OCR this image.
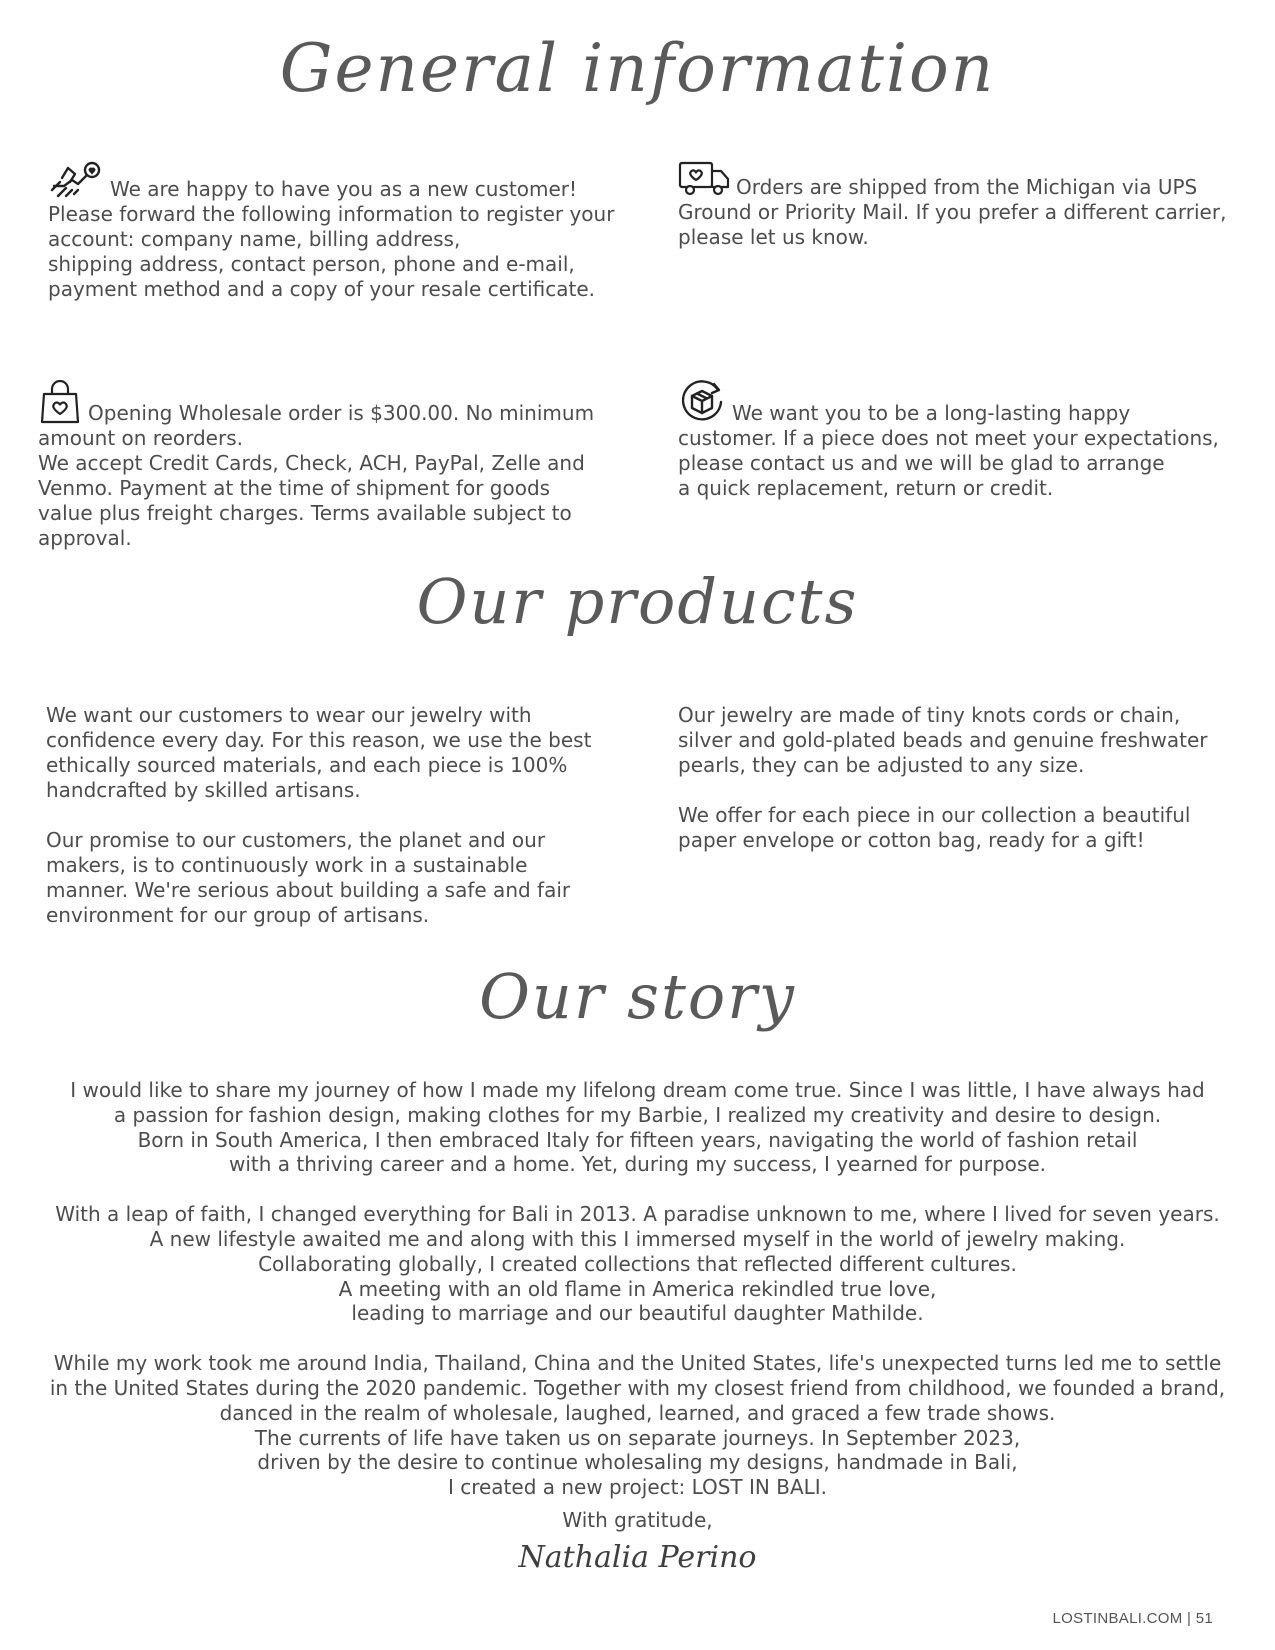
General information

We are happy to have you as a new customer!

Please forward the following information to register your

account: company name, billing address,

shipping address, contact person, phone and e-mail,

payment method and a copy of your resale certificate.

Orders are shipped from the Michigan via UPS

Ground or Priority Mail. If you prefer a different carrier,

please let us know.

Opening Wholesale order is $300.00. No minimum

amount on reorders.

We accept Credit Cards, Check, ACH, PayPal, Zelle and

Venmo. Payment at the time of shipment for goods

value plus freight charges. Terms available subject to

approval.

We want you to be a long-lasting happy

customer. If a piece does not meet your expectations,

please contact us and we will be glad to arrange

a quick replacement, return or credit.

Our products

We want our customers to wear our jewelry with

confidence every day. For this reason, we use the best

ethically sourced materials, and each piece is 100%

handcrafted by skilled artisans.

Our promise to our customers, the planet and our

makers, is to continuously work in a sustainable

manner. We're serious about building a safe and fair

environment for our group of artisans.

Our jewelry are made of tiny knots cords or chain,

silver and gold-plated beads and genuine freshwater

pearls, they can be adjusted to any size.

We offer for each piece in our collection a beautiful

paper envelope or cotton bag, ready for a gift!

Our story

I would like to share my journey of how I made my lifelong dream come true. Since I was little, I have always had

a passion for fashion design, making clothes for my Barbie, I realized my creativity and desire to design.

Born in South America, I then embraced Italy for fifteen years, navigating the world of fashion retail

with a thriving career and a home. Yet, during my success, I yearned for purpose.

With a leap of faith, I changed everything for Bali in 2013. A paradise unknown to me, where I lived for seven years.

A new lifestyle awaited me and along with this I immersed myself in the world of jewelry making.

Collaborating globally, I created collections that reflected different cultures.

A meeting with an old flame in America rekindled true love,

leading to marriage and our beautiful daughter Mathilde.

While my work took me around India, Thailand, China and the United States, life's unexpected turns led me to settle

in the United States during the 2020 pandemic. Together with my closest friend from childhood, we founded a brand,

danced in the realm of wholesale, laughed, learned, and graced a few trade shows.

The currents of life have taken us on separate journeys. In September 2023,

driven by the desire to continue wholesaling my designs, handmade in Bali,

I created a new project: LOST IN BALI.

With gratitude,
Nathalia Perino
LOSTINBALI.COM | 51
